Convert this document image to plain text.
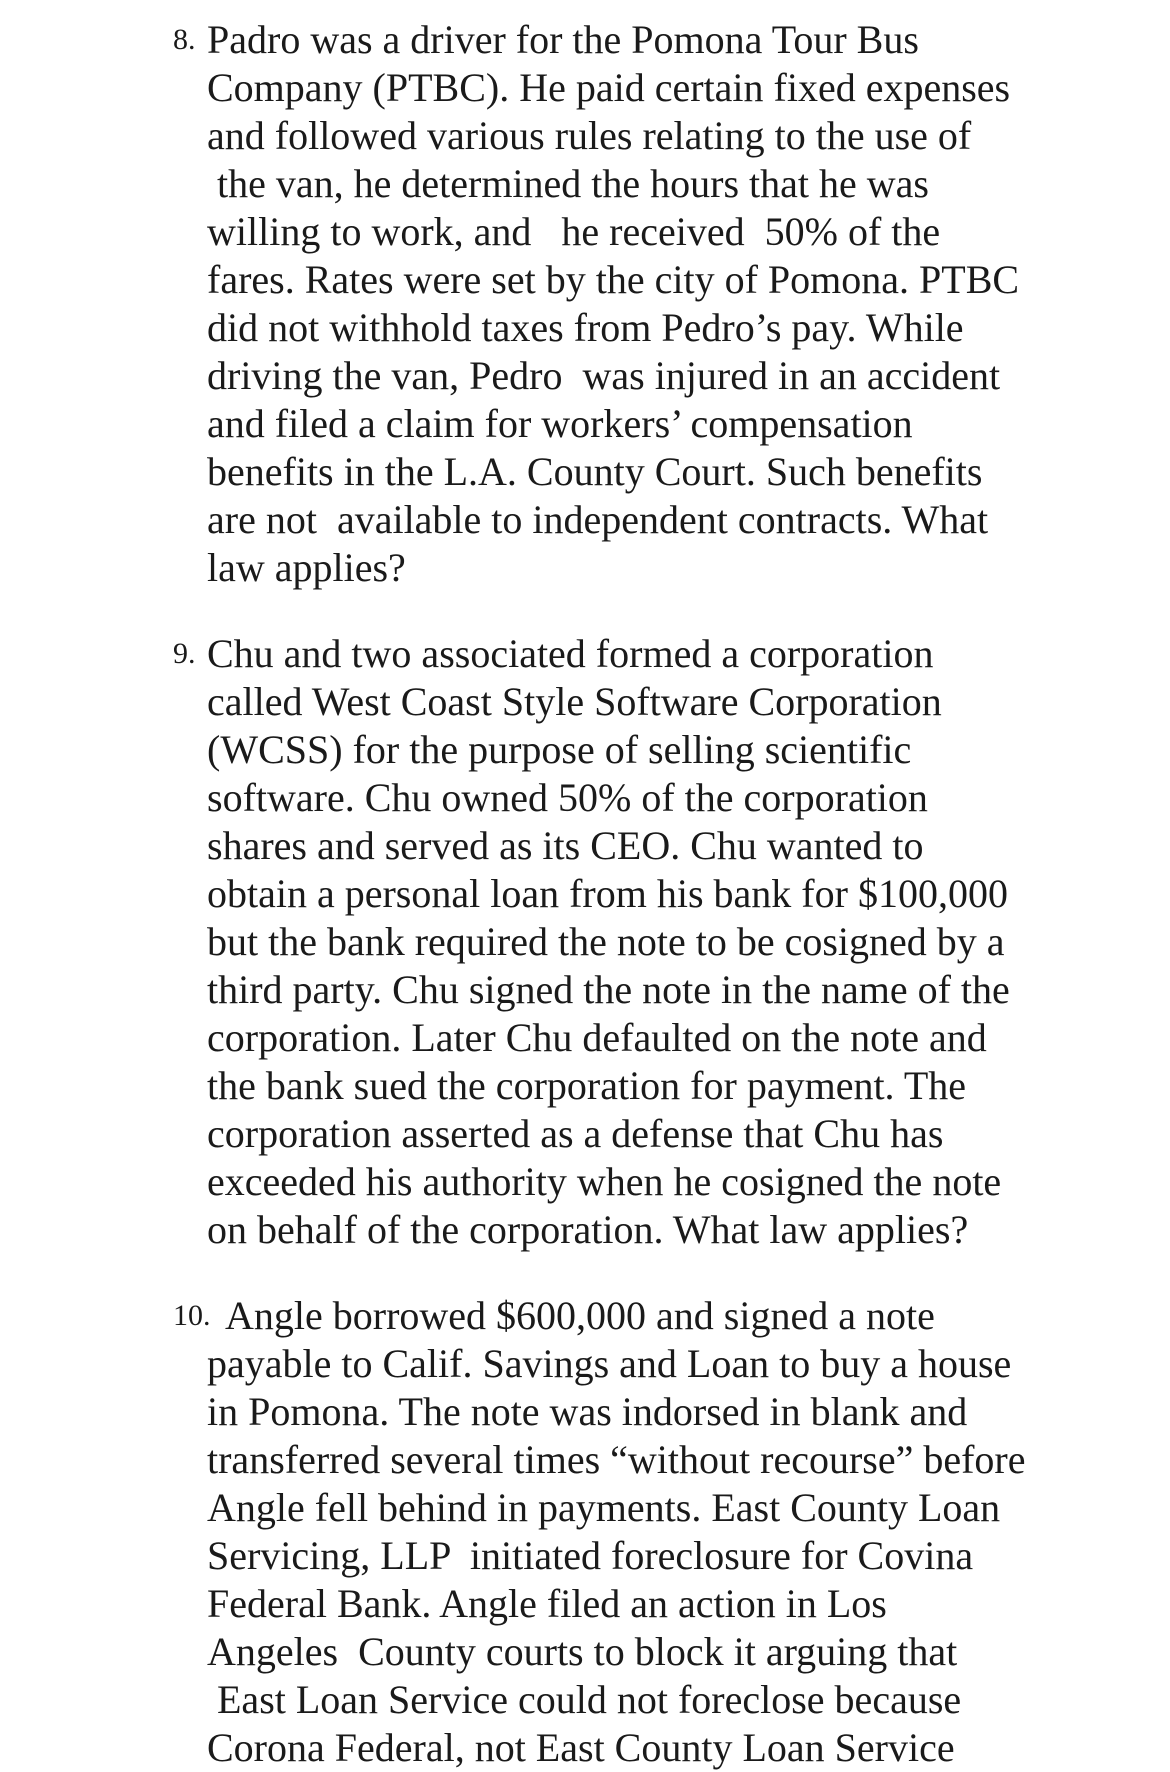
8. Padro was a driver for the Pomona Tour Bus
Company (PTBC). He paid certain fixed expenses
and followed various rules relating to the use of
the van, he determined the hours that he was
willing to work, and   he received  50% of the
fares. Rates were set by the city of Pomona. PTBC
did not withhold taxes from Pedro’s pay. While
driving the van, Pedro  was injured in an accident
and filed a claim for workers’ compensation
benefits in the L.A. County Court. Such benefits
are not  available to independent contracts. What
law applies?
9. Chu and two associated formed a corporation
called West Coast Style Software Corporation
(WCSS) for the purpose of selling scientific
software. Chu owned 50% of the corporation
shares and served as its CEO. Chu wanted to
obtain a personal loan from his bank for $100,000
but the bank required the note to be cosigned by a
third party. Chu signed the note in the name of the
corporation. Later Chu defaulted on the note and
the bank sued the corporation for payment. The
corporation asserted as a defense that Chu has
exceeded his authority when he cosigned the note
on behalf of the corporation. What law applies?
10. Angle borrowed $600,000 and signed a note
payable to Calif. Savings and Loan to buy a house
in Pomona. The note was indorsed in blank and
transferred several times “without recourse” before
Angle fell behind in payments. East County Loan
Servicing, LLP  initiated foreclosure for Covina
Federal Bank. Angle filed an action in Los
Angeles  County courts to block it arguing that
East Loan Service could not foreclose because
Corona Federal, not East County Loan Service
